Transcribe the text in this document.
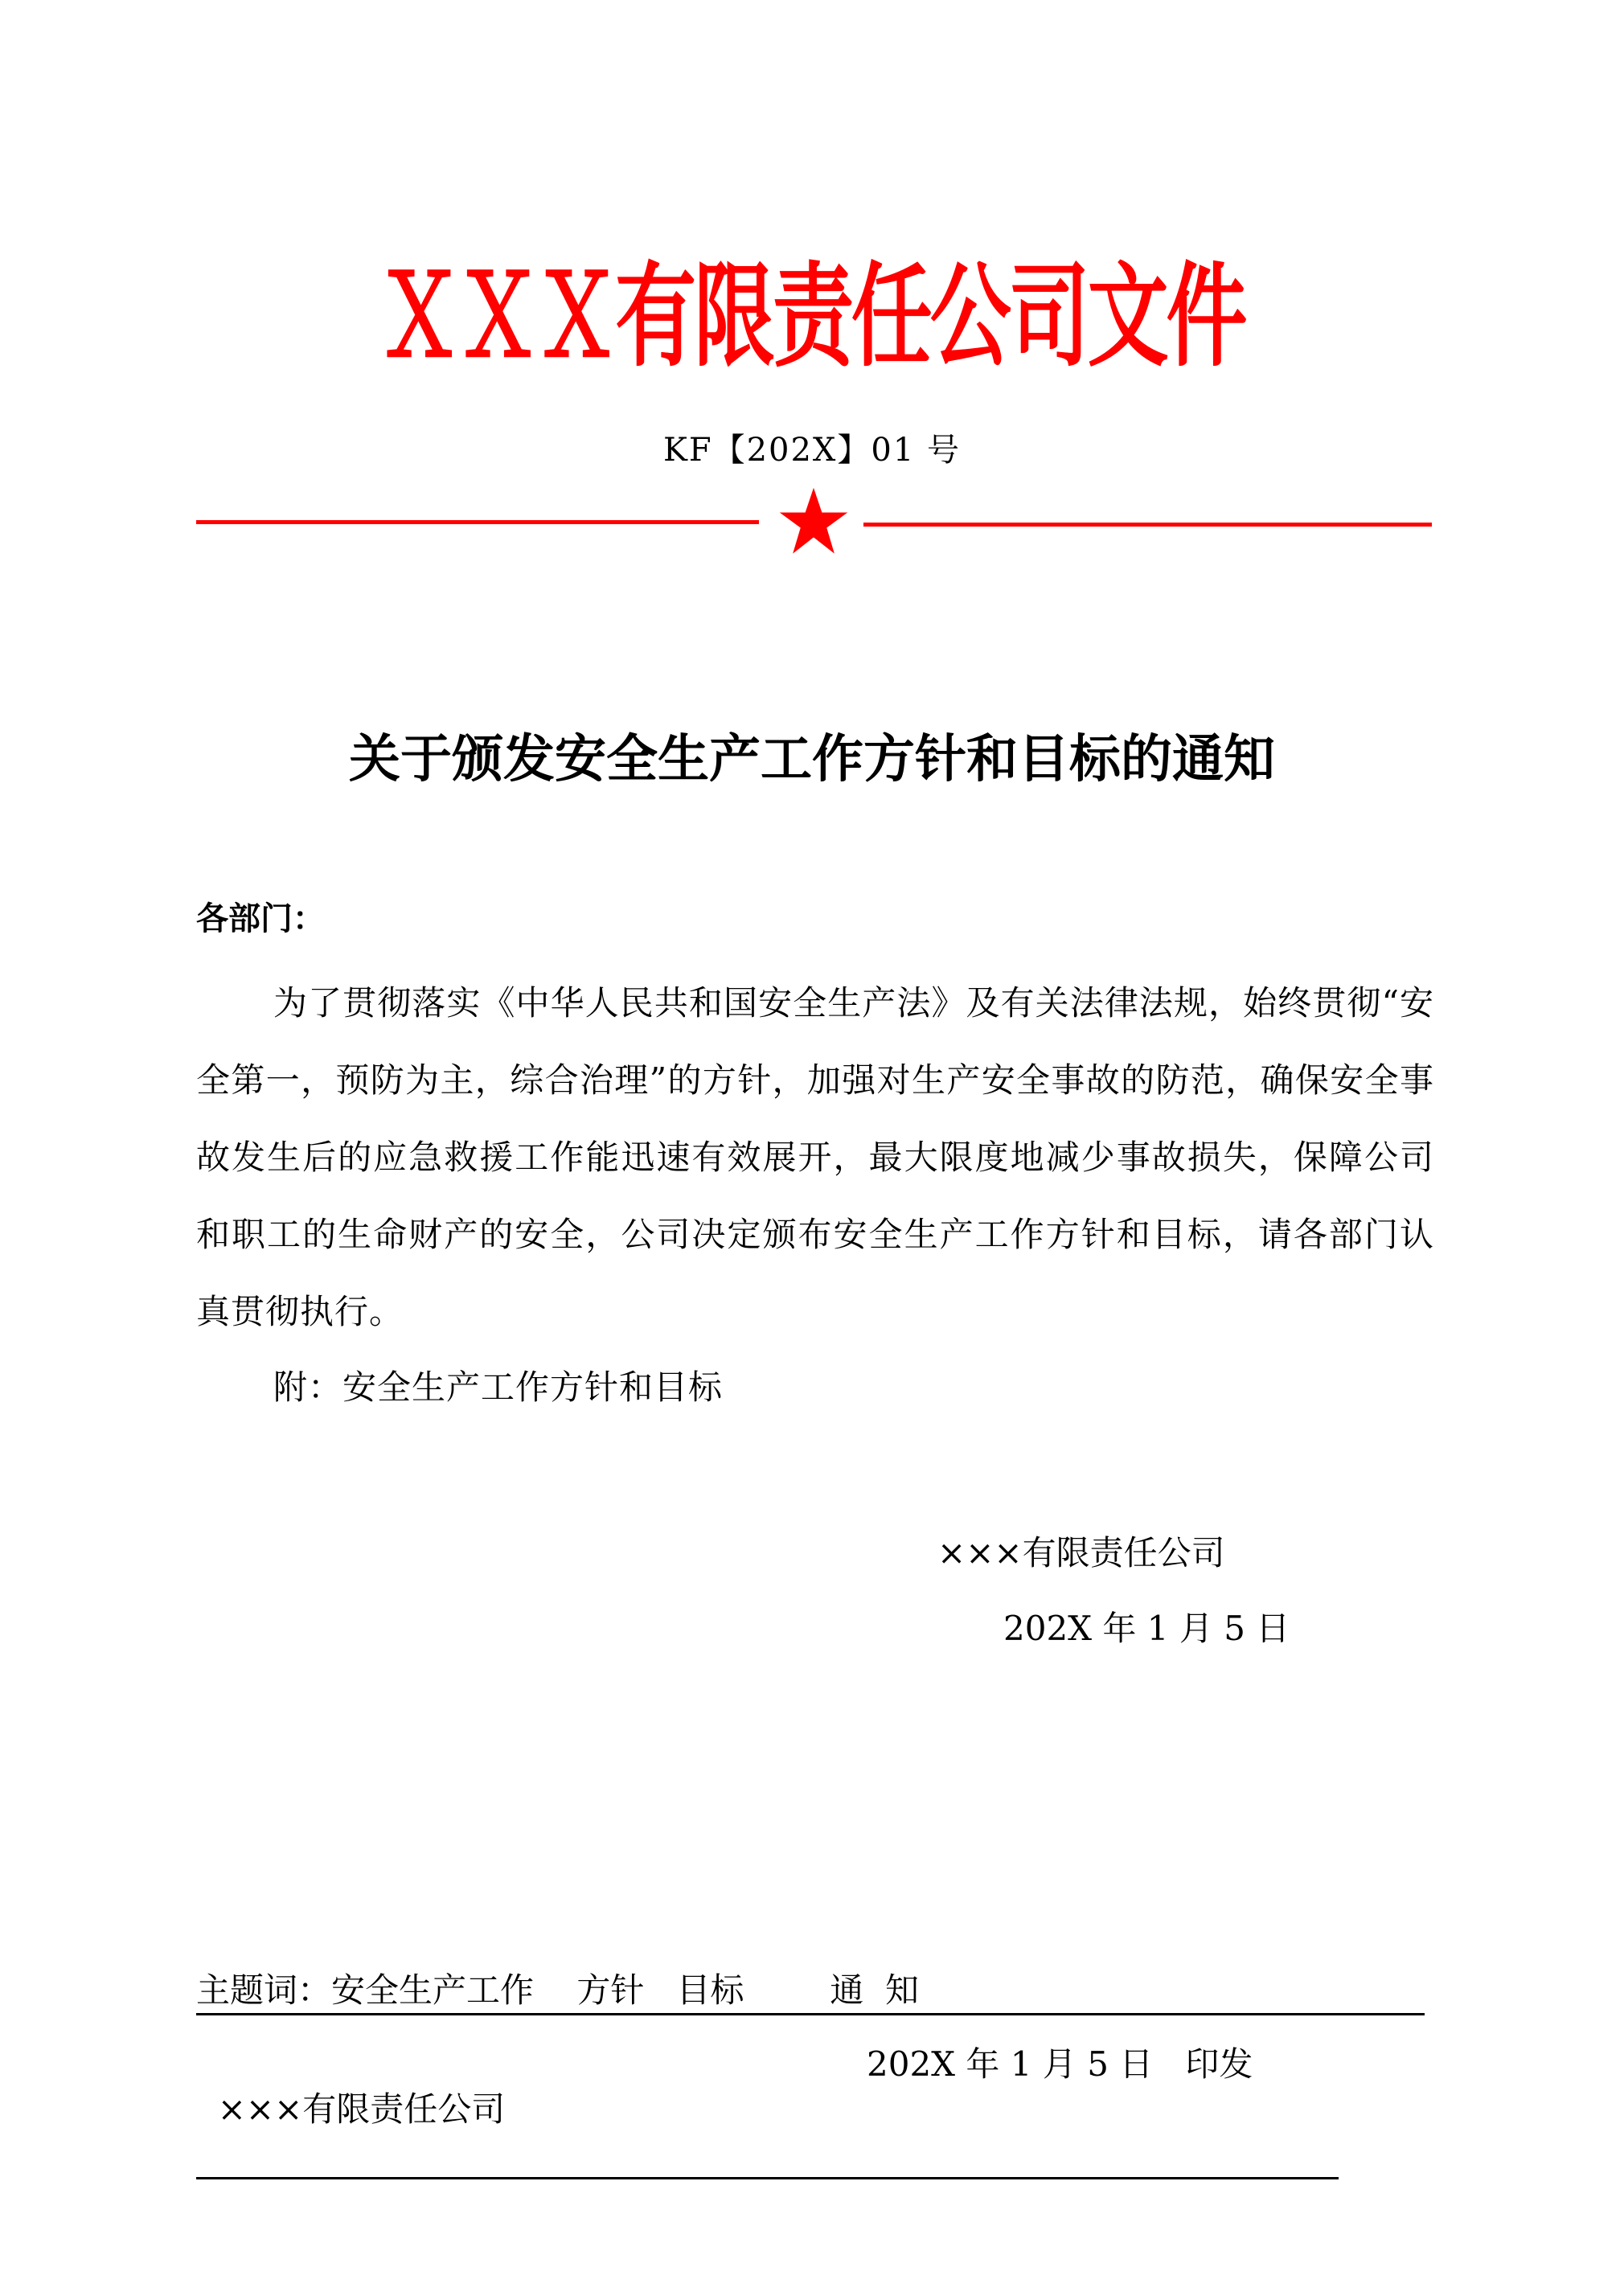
ＸＸＸ有限责任公司文件
KF【202X】01 号
关于颁发安全生产工作方针和目标的通知
各部门：
为了贯彻落实《中华人民共和国安全生产法》及有关法律法规，始终贯彻“安全第一，预防为主，综合治理”的方针，加强对生产安全事故的防范，确保安全事故发生后的应急救援工作能迅速有效展开，最大限度地减少事故损失，保障公司和职工的生命财产的安全，公司决定颁布安全生产工作方针和目标，请各部门认真贯彻执行。
附：安全生产工作方针和目标
×××有限责任公司
202X 年 1 月 5 日
主题词：安全生产工作    方针   目标        通  知

×××有限责任公司

202X 年 1 月 5 日   印发
